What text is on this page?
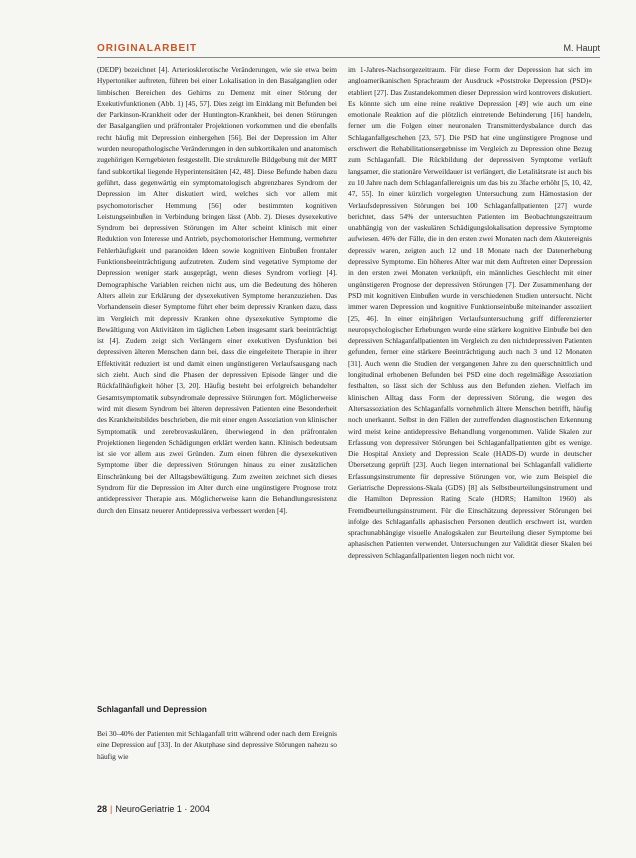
ORIGINALARBEIT	M. Haupt

(DEDP) bezeichnet [4]. Arteriosklerotische Veränderungen, wie sie etwa beim Hypertoniker auftreten, führen bei einer Lokalisation in den Basalganglien oder limbischen Bereichen des Gehirns zu Demenz mit einer Störung der Exekutivfunktionen (Abb. 1) [45, 57]. Dies zeigt im Einklang mit Befunden bei der Parkinson-Krankheit oder der Huntington-Krankheit, bei denen Störungen der Basalganglien und präfrontaler Projektionen vorkommen und die ebenfalls recht häufig mit Depression einhergehen [56]. Bei der Depression im Alter wurden neuropathologische Veränderungen in den subkortikalen und anatomisch zugehörigen Kerngebieten festgestellt. Die strukturelle Bildgebung mit der MRT fand subkortikal liegende Hyperintensitäten [42, 48]. Diese Befunde haben dazu geführt, dass gegenwärtig ein symptomatologisch abgrenzbares Syndrom der Depression im Alter diskutiert wird, welches sich vor allem mit psychomotorischer Hemmung [56] oder bestimmten kognitiven Leistungseinbußen in Verbindung bringen lässt (Abb. 2). Dieses dysexekutive Syndrom bei depressiven Störungen im Alter scheint klinisch mit einer Reduktion von Interesse und Antrieb, psychomotorischer Hemmung, vermehrter Fehlerhäufigkeit und paranoiden Ideen sowie kognitiven Einbußen frontaler Funktionsbeeinträchtigung aufzutreten. Zudem sind vegetative Symptome der Depression weniger stark ausgeprägt, wenn dieses Syndrom vorliegt [4]. Demographische Variablen reichen nicht aus, um die Bedeutung des höheren Alters allein zur Erklärung der dysexekutiven Symptome heranzuziehen. Das Vorhandensein dieser Symptome führt eher beim depressiv Kranken dazu, dass im Vergleich mit depressiv Kranken ohne dysexekutive Symptome die Bewältigung von Aktivitäten im täglichen Leben insgesamt stark beeinträchtigt ist [4]. Zudem zeigt sich Verlängern einer exekutiven Dysfunktion bei depressiven älteren Menschen dann bei, dass die eingeleitete Therapie in ihrer Effektivität reduziert ist und damit einen ungünstigeren Verlaufsausgang nach sich zieht. Auch sind die Phasen der depressiven Episode länger und die Rückfallhäufigkeit höher [3, 20]. Häufig besteht bei erfolgreich behandelter Gesamtsymptomatik subsyndromale depressive Störungen fort. Möglicherweise wird mit diesem Syndrom bei älteren depressiven Patienten eine Besonderheit des Krankheitsbildes beschrieben, die mit einer engen Assoziation von klinischer Symptomatik und zerebrovaskulären, überwiegend in den präfrontalen Projektionen liegenden Schädigungen erklärt werden kann. Klinisch bedeutsam ist sie vor allem aus zwei Gründen. Zum einen führen die dysexekutiven Symptome über die depressiven Störungen hinaus zu einer zusätzlichen Einschränkung bei der Alltagsbewältigung. Zum zweiten zeichnet sich dieses Syndrom für die Depression im Alter durch eine ungünstigere Prognose trotz antidepressiver Therapie aus. Möglicherweise kann die Behandlungsresistenz durch den Einsatz neuerer Antidepressiva verbessert werden [4].

Schlaganfall und Depression

Bei 30–40% der Patienten mit Schlaganfall tritt während oder nach dem Ereignis eine Depression auf [33]. In der Akutphase sind depressive Störungen nahezu so häufig wie

im 1-Jahres-Nachsorgezeitraum. Für diese Form der Depression hat sich im angloamerikanischen Sprachraum der Ausdruck »Poststroke Depression (PSD)« etabliert [27]. Das Zustandekommen dieser Depression wird kontrovers diskutiert. Es könnte sich um eine reine reaktive Depression [49] wie auch um eine emotionale Reaktion auf die plötzlich eintretende Behinderung [16] handeln, ferner um die Folgen einer neuronalen Transmitterdysbalance durch das Schlaganfallgeschehen [23, 57]. Die PSD hat eine ungünstigere Prognose und erschwert die Rehabilitationsergebnisse im Vergleich zu Depression ohne Bezug zum Schlaganfall. Die Rückbildung der depressiven Symptome verläuft langsamer, die stationäre Verweildauer ist verlängert, die Letalitätsrate ist auch bis zu 10 Jahre nach dem Schlaganfallereignis um das bis zu 3fache erhöht [5, 10, 42, 47, 55]. In einer kürzlich vorgelegten Untersuchung zum Hämostasion der Verlaufsdepressiven Störungen bei 100 Schlaganfallpatienten [27] wurde berichtet, dass 54% der untersuchten Patienten im Beobachtungszeitraum unabhängig von der vaskulären Schädigungslokalisation depressive Symptome aufwiesen. 46% der Fälle, die in den ersten zwei Monaten nach dem Akutereignis depressiv waren, zeigten auch 12 und 18 Monate nach der Datenerhebung depressive Symptome. Ein höheres Alter war mit dem Auftreten einer Depression in den ersten zwei Monaten verknüpft, ein männliches Geschlecht mit einer ungünstigeren Prognose der depressiven Störungen [7]. Der Zusammenhang der PSD mit kognitiven Einbußen wurde in verschiedenen Studien untersucht. Nicht immer waren Depression und kognitive Funktionseinbuße miteinander assoziiert [25, 46]. In einer einjährigen Verlaufsuntersuchung griff differenzierter neuropsychologischer Erhebungen wurde eine stärkere kognitive Einbuße bei den depressiven Schlaganfallpatienten im Vergleich zu den nichtdepressiven Patienten gefunden, ferner eine stärkere Beeinträchtigung auch nach 3 und 12 Monaten [31]. Auch wenn die Studien der vergangenen Jahre zu den querschnittlich und longitudinal erhobenen Befunden bei PSD eine doch regelmäßige Assoziation festhalten, so lässt sich der Schluss aus den Befunden ziehen. Vielfach im klinischen Alltag dass Form der depressiven Störung, die wegen des Altersassoziation des Schlaganfalls vornehmlich ältere Menschen betrifft, häufig noch unerkannt. Selbst in den Fällen der zutreffenden diagnostischen Erkennung wird meist keine antidepressive Behandlung vorgenommen. Valide Skalen zur Erfassung von depressiver Störungen bei Schlaganfallpatienten gibt es wenige. Die Hospital Anxiety and Depression Scale (HADS-D) wurde in deutscher Übersetzung geprüft [23]. Auch liegen international bei Schlaganfall validierte Erfassungsinstrumente für depressive Störungen vor, wie zum Beispiel die Geriatrische Depressions-Skala (GDS) [8] als Selbstbeurteilungsinstrument und die Hamilton Depression Rating Scale (HDRS; Hamilton 1960) als Fremdbeurteilungsinstrument. Für die Einschätzung depressiver Störungen bei infolge des Schlaganfalls aphasischen Personen deutlich erschwert ist, wurden sprachunabhängige visuelle Analogskalen zur Beurteilung dieser Symptome bei aphasischen Patienten verwendet. Untersuchungen zur Validität dieser Skalen bei depressiven Schlaganfallpatienten liegen noch nicht vor.

28 | NeuroGeriatrie 1 · 2004
